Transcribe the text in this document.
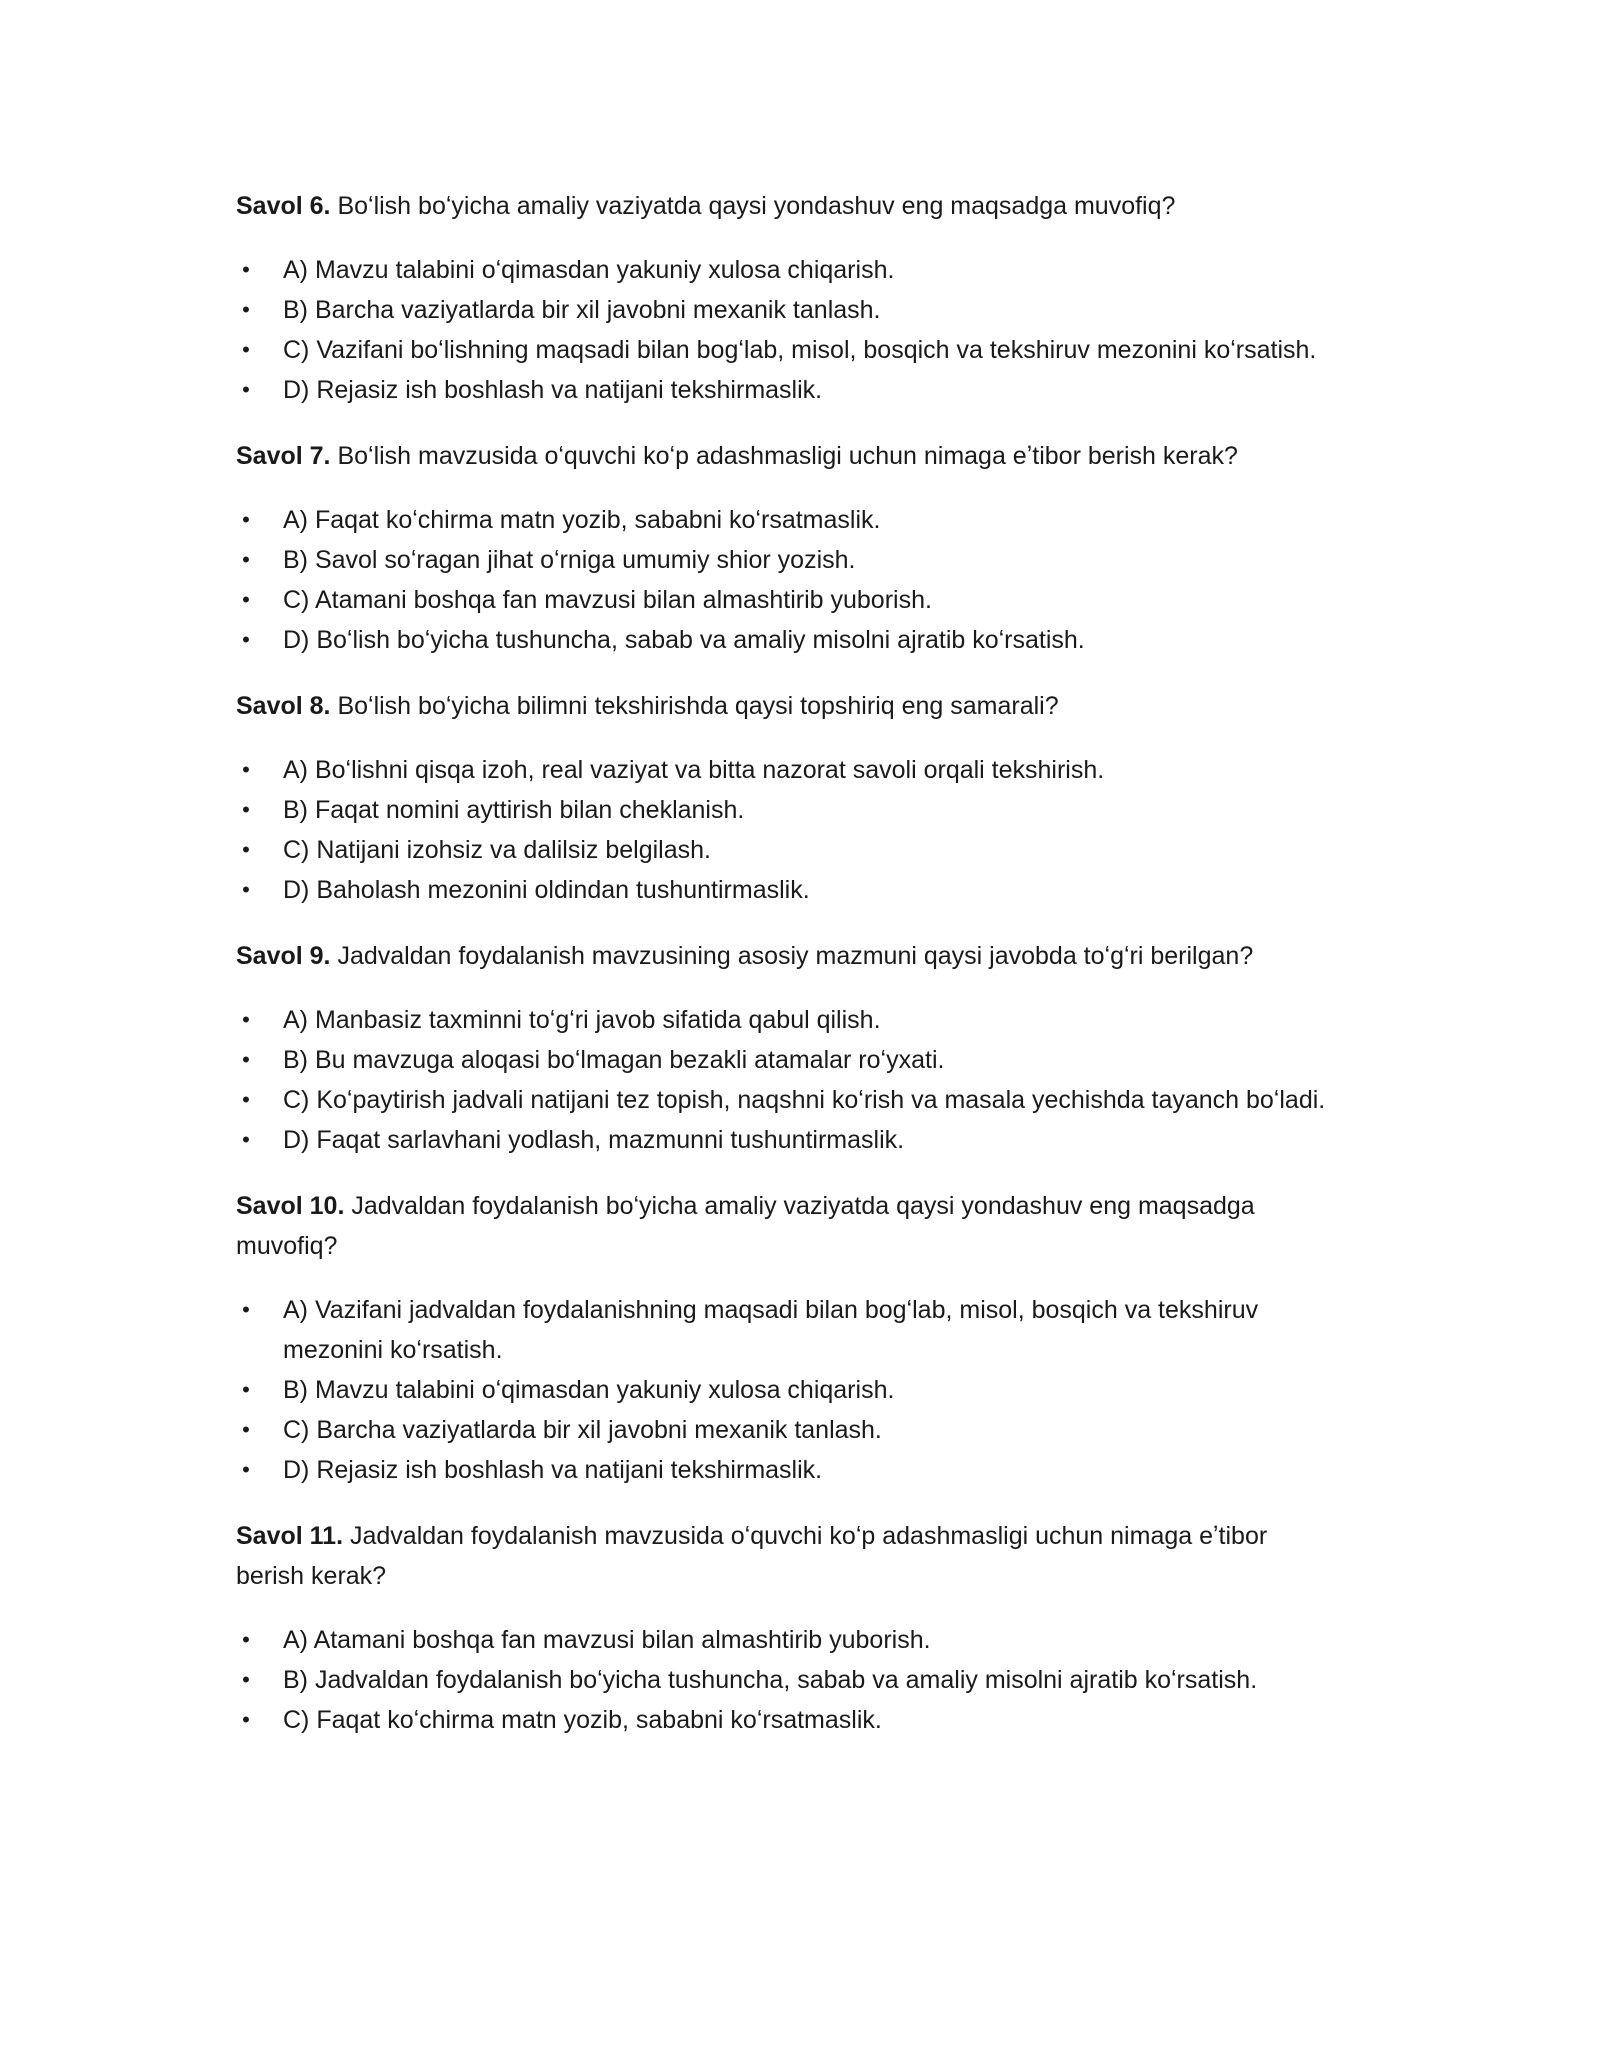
Savol 6. Boʻlish boʻyicha amaliy vaziyatda qaysi yondashuv eng maqsadga muvofiq?

• A) Mavzu talabini oʻqimasdan yakuniy xulosa chiqarish.
• B) Barcha vaziyatlarda bir xil javobni mexanik tanlash.
• C) Vazifani boʻlishning maqsadi bilan bogʻlab, misol, bosqich va tekshiruv mezonini koʻrsatish.
• D) Rejasiz ish boshlash va natijani tekshirmaslik.

Savol 7. Boʻlish mavzusida oʻquvchi koʻp adashmasligi uchun nimaga eʼtibor berish kerak?

• A) Faqat koʻchirma matn yozib, sababni koʻrsatmaslik.
• B) Savol soʻragan jihat oʻrniga umumiy shior yozish.
• C) Atamani boshqa fan mavzusi bilan almashtirib yuborish.
• D) Boʻlish boʻyicha tushuncha, sabab va amaliy misolni ajratib koʻrsatish.

Savol 8. Boʻlish boʻyicha bilimni tekshirishda qaysi topshiriq eng samarali?

• A) Boʻlishni qisqa izoh, real vaziyat va bitta nazorat savoli orqali tekshirish.
• B) Faqat nomini ayttirish bilan cheklanish.
• C) Natijani izohsiz va dalilsiz belgilash.
• D) Baholash mezonini oldindan tushuntirmaslik.

Savol 9. Jadvaldan foydalanish mavzusining asosiy mazmuni qaysi javobda toʻgʻri berilgan?

• A) Manbasiz taxminni toʻgʻri javob sifatida qabul qilish.
• B) Bu mavzuga aloqasi boʻlmagan bezakli atamalar roʻyxati.
• C) Koʻpaytirish jadvali natijani tez topish, naqshni koʻrish va masala yechishda tayanch boʻladi.
• D) Faqat sarlavhani yodlash, mazmunni tushuntirmaslik.

Savol 10. Jadvaldan foydalanish boʻyicha amaliy vaziyatda qaysi yondashuv eng maqsadga muvofiq?

• A) Vazifani jadvaldan foydalanishning maqsadi bilan bogʻlab, misol, bosqich va tekshiruv mezonini koʻrsatish.
• B) Mavzu talabini oʻqimasdan yakuniy xulosa chiqarish.
• C) Barcha vaziyatlarda bir xil javobni mexanik tanlash.
• D) Rejasiz ish boshlash va natijani tekshirmaslik.

Savol 11. Jadvaldan foydalanish mavzusida oʻquvchi koʻp adashmasligi uchun nimaga eʼtibor berish kerak?

• A) Atamani boshqa fan mavzusi bilan almashtirib yuborish.
• B) Jadvaldan foydalanish boʻyicha tushuncha, sabab va amaliy misolni ajratib koʻrsatish.
• C) Faqat koʻchirma matn yozib, sababni koʻrsatmaslik.
